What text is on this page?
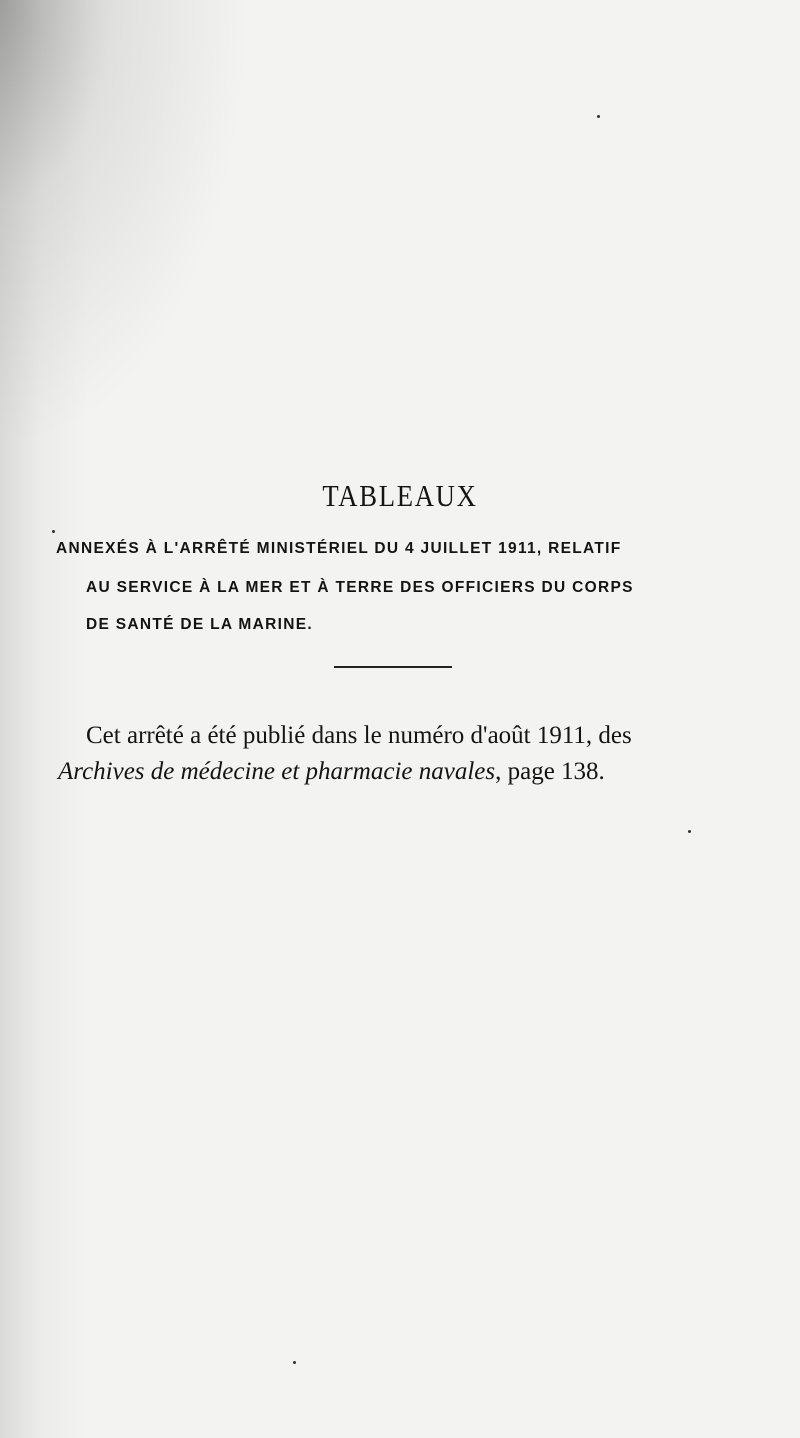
TABLEAUX
ANNEXÉS À L'ARRÊTÉ MINISTÉRIEL DU 4 JUILLET 1911, RELATIF
AU SERVICE À LA MER ET À TERRE DES OFFICIERS DU CORPS
DE SANTÉ DE LA MARINE.
Cet arrêté a été publié dans le numéro d'août 1911, des
Archives de médecine et pharmacie navales, page 138.
